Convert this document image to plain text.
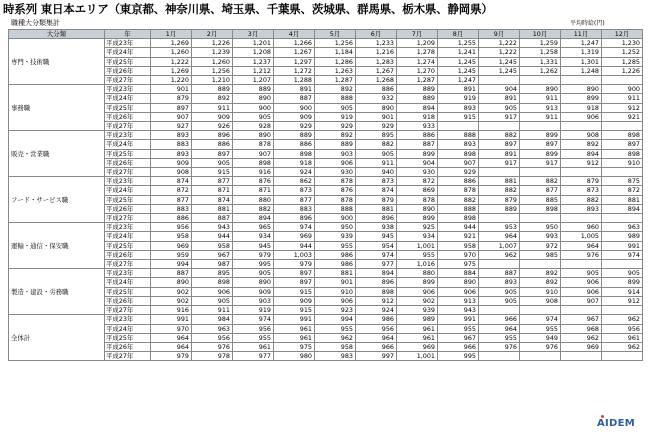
時系列 東日本エリア（東京都、神奈川県、埼玉県、千葉県、茨城県、群馬県、栃木県、静岡県）
職種大分類集計	平均時給(円)
大分類	年	1月	2月	3月	4月	5月	6月	7月	8月	9月	10月	11月	12月
専門・技術職	平成23年	1,269	1,226	1,201	1,266	1,256	1,233	1,209	1,255	1,222	1,259	1,247	1,230
	平成24年	1,260	1,239	1,208	1,267	1,184	1,216	1,278	1,241	1,222	1,258	1,319	1,252
	平成25年	1,222	1,260	1,237	1,297	1,286	1,283	1,274	1,245	1,245	1,331	1,301	1,285
	平成26年	1,269	1,256	1,212	1,272	1,263	1,267	1,270	1,245	1,245	1,262	1,248	1,226
	平成27年	1,220	1,210	1,207	1,288	1,287	1,268	1,287	1,247				
事務職	平成23年	901	889	889	891	892	886	889	891	904	890	890	900
	平成24年	879	892	890	887	888	932	889	919	891	911	899	911
	平成25年	897	911	900	900	905	890	894	893	905	913	918	912
	平成26年	907	909	905	909	919	901	918	915	917	911	906	921
	平成27年	927	926	928	929	929	929	933					
販売・営業職	平成23年	893	896	890	889	892	895	886	888	882	899	908	898
	平成24年	883	886	878	886	889	882	887	893	897	897	892	897
	平成25年	893	897	907	898	903	905	899	898	891	899	894	898
	平成26年	909	905	898	918	906	911	904	907	917	917	912	910
	平成27年	908	915	916	924	930	940	930	929				
フード・サービス職	平成23年	874	877	876	862	878	873	872	886	881	882	879	875
	平成24年	872	871	871	873	876	874	869	878	882	877	873	872
	平成25年	877	874	880	877	878	879	878	882	879	885	882	881
	平成26年	883	881	882	883	888	881	890	888	889	898	893	894
	平成27年	886	887	894	896	900	896	899	898				
運輸・通信・保安職	平成23年	956	943	965	974	950	938	925	944	953	950	960	963
	平成24年	958	944	934	969	939	945	934	921	964	993	1,005	989
	平成25年	969	958	945	944	955	954	1,001	958	1,007	972	964	991
	平成26年	959	967	979	1,003	986	974	955	970	962	985	976	974
	平成27年	994	987	995	979	986	977	1,016	975				
製造・建設・労務職	平成23年	887	895	905	897	881	894	880	884	887	892	905	905
	平成24年	890	898	890	897	901	896	899	890	893	892	906	899
	平成25年	902	906	909	915	910	898	906	906	905	910	906	914
	平成26年	902	905	903	909	906	912	902	913	905	908	907	912
	平成27年	916	911	919	915	923	924	939	943				
全体計	平成23年	991	984	974	991	994	986	989	991	966	974	967	962
	平成24年	970	963	956	961	955	956	961	955	964	955	968	956
	平成25年	964	956	955	961	962	964	961	967	955	949	962	961
	平成26年	964	976	961	975	958	966	969	966	976	976	969	962
	平成27年	979	978	977	980	983	997	1,001	995				
AIDEM
